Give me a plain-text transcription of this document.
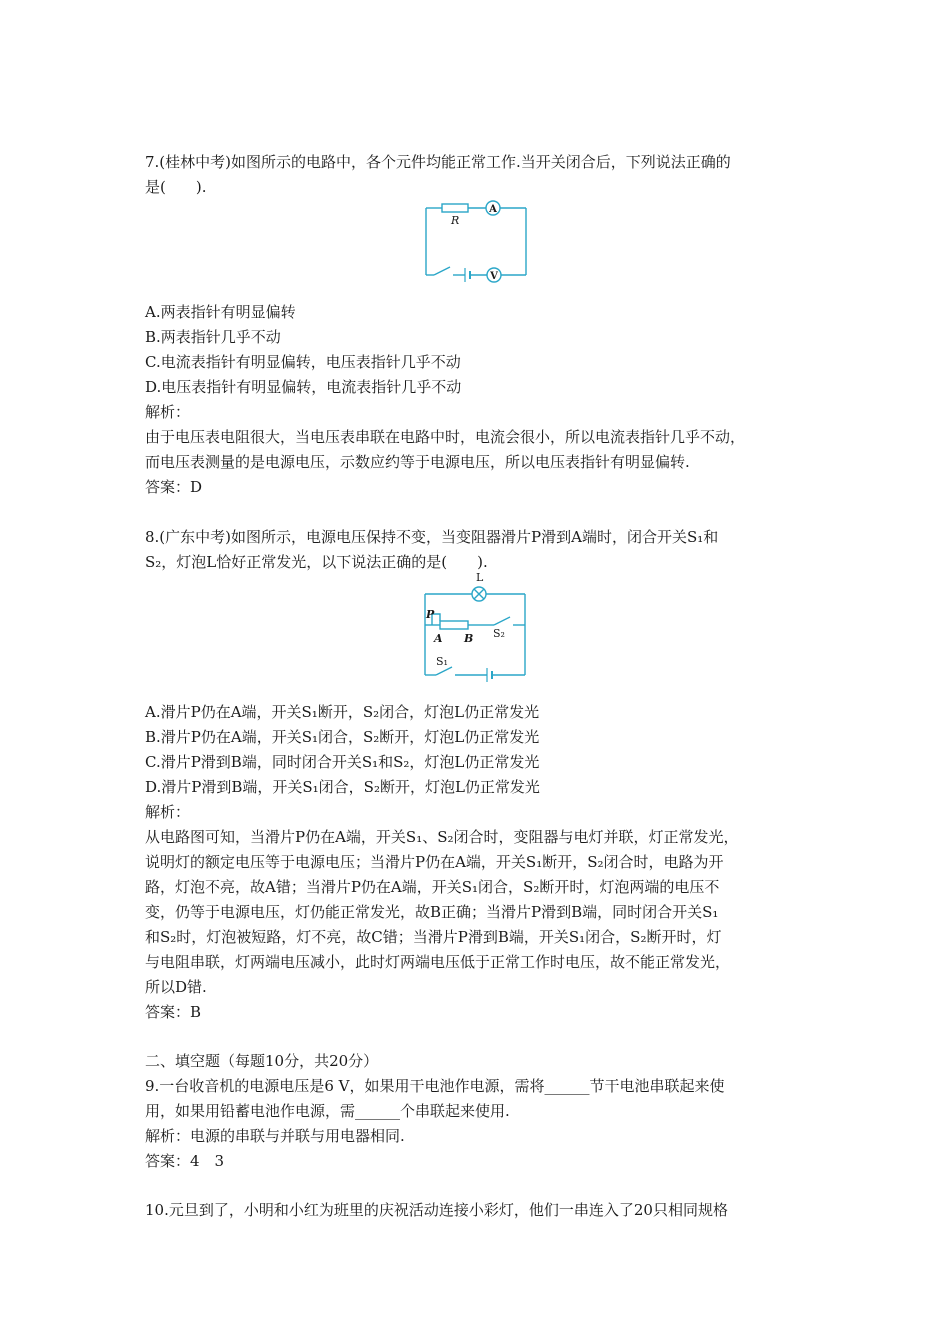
7.(桂林中考)如图所示的电路中，各个元件均能正常工作.当开关闭合后，下列说法正确的
是(　　).
R
A
V
A.两表指针有明显偏转
B.两表指针几乎不动
C.电流表指针有明显偏转，电压表指针几乎不动
D.电压表指针有明显偏转，电流表指针几乎不动
解析：
由于电压表电阻很大，当电压表串联在电路中时，电流会很小，所以电流表指针几乎不动，
而电压表测量的是电源电压，示数应约等于电源电压，所以电压表指针有明显偏转.
答案：D
8.(广东中考)如图所示，电源电压保持不变，当变阻器滑片P滑到A端时，闭合开关S₁和
S₂，灯泡L恰好正常发光，以下说法正确的是(　　).
L
P
A B S₂
S₁
A.滑片P仍在A端，开关S₁断开，S₂闭合，灯泡L仍正常发光
B.滑片P仍在A端，开关S₁闭合，S₂断开，灯泡L仍正常发光
C.滑片P滑到B端，同时闭合开关S₁和S₂，灯泡L仍正常发光
D.滑片P滑到B端，开关S₁闭合，S₂断开，灯泡L仍正常发光
解析：
从电路图可知，当滑片P仍在A端，开关S₁、S₂闭合时，变阻器与电灯并联，灯正常发光，
说明灯的额定电压等于电源电压；当滑片P仍在A端，开关S₁断开，S₂闭合时，电路为开
路，灯泡不亮，故A错；当滑片P仍在A端，开关S₁闭合，S₂断开时，灯泡两端的电压不
变，仍等于电源电压，灯仍能正常发光，故B正确；当滑片P滑到B端，同时闭合开关S₁
和S₂时，灯泡被短路，灯不亮，故C错；当滑片P滑到B端，开关S₁闭合，S₂断开时，灯
与电阻串联，灯两端电压减小，此时灯两端电压低于正常工作时电压，故不能正常发光，
所以D错.
答案：B
二、填空题（每题10分，共20分）
9.一台收音机的电源电压是6 V，如果用干电池作电源，需将______节干电池串联起来使
用，如果用铅蓄电池作电源，需______个串联起来使用.
解析：电源的串联与并联与用电器相同.
答案：4　3
10.元旦到了，小明和小红为班里的庆祝活动连接小彩灯，他们一串连入了20只相同规格
